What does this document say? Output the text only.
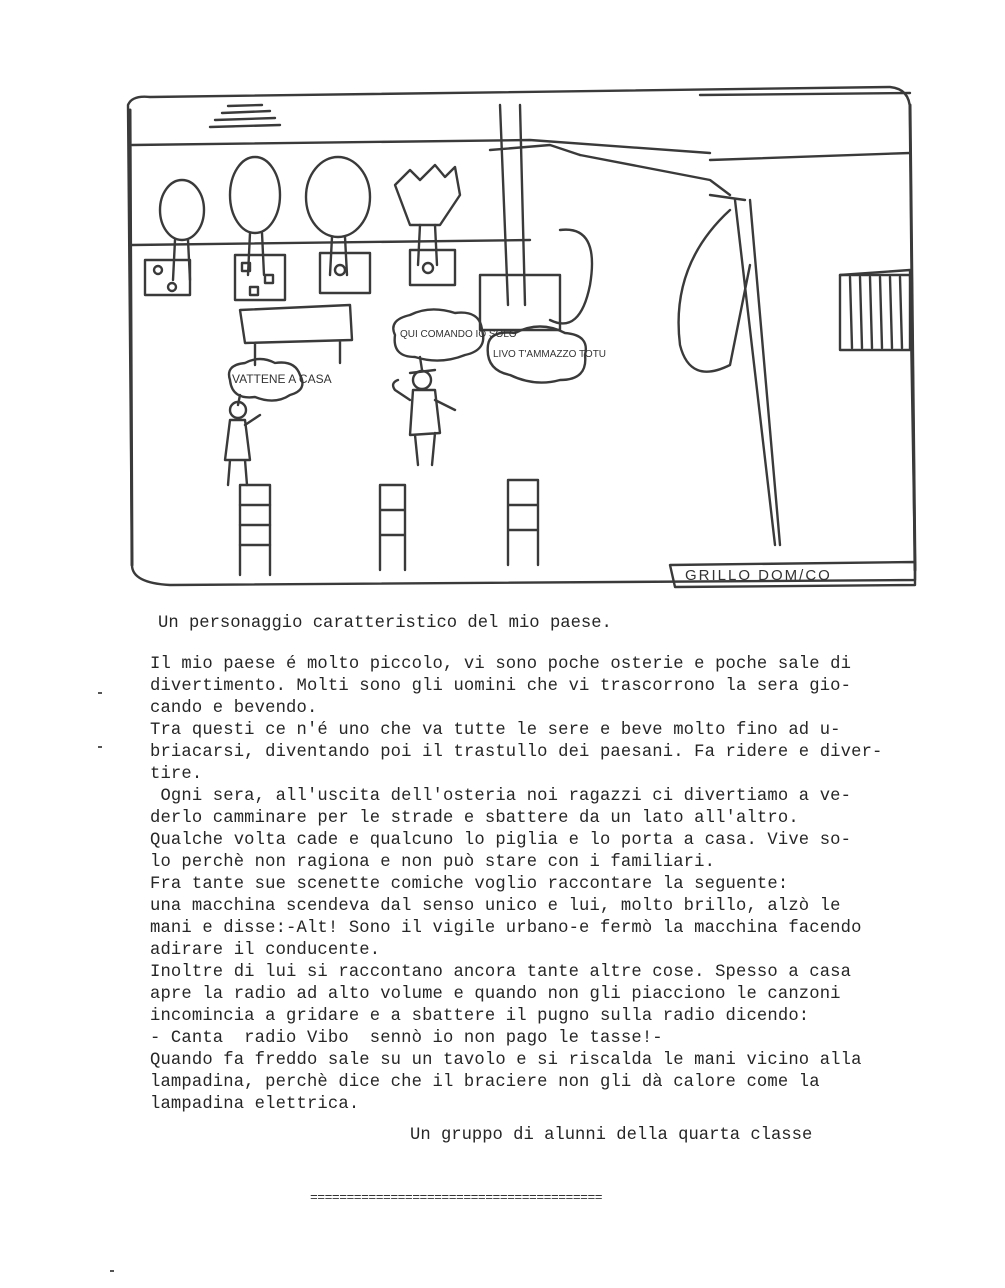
VATTENE A CASA
QUI COMANDO IO SOLO
LIVO T'AMMAZZO TOTU
GRILLO DOM/CO
Un personaggio caratteristico del mio paese.
Il mio paese é molto piccolo, vi sono poche osterie e poche sale di
divertimento. Molti sono gli uomini che vi trascorrono la sera gio-
cando e bevendo.
Tra questi ce n'é uno che va tutte le sere e beve molto fino ad u-
briacarsi, diventando poi il trastullo dei paesani. Fa ridere e diver-
tire.
Ogni sera, all'uscita dell'osteria noi ragazzi ci divertiamo a ve-
derlo camminare per le strade e sbattere da un lato all'altro.
Qualche volta cade e qualcuno lo piglia e lo porta a casa. Vive so-
lo perchè non ragiona e non può stare con i familiari.
Fra tante sue scenette comiche voglio raccontare la seguente:
una macchina scendeva dal senso unico e lui, molto brillo, alzò le
mani e disse:-Alt! Sono il vigile urbano-e fermò la macchina facendo
adirare il conducente.
Inoltre di lui si raccontano ancora tante altre cose. Spesso a casa
apre la radio ad alto volume e quando non gli piacciono le canzoni
incomincia a gridare e a sbattere il pugno sulla radio dicendo:
- Canta  radio Vibo  sennò io non pago le tasse!-
Quando fa freddo sale su un tavolo e si riscalda le mani vicino alla
lampadina, perchè dice che il braciere non gli dà calore come la
lampadina elettrica.
Un gruppo di alunni della quarta classe
========================================
